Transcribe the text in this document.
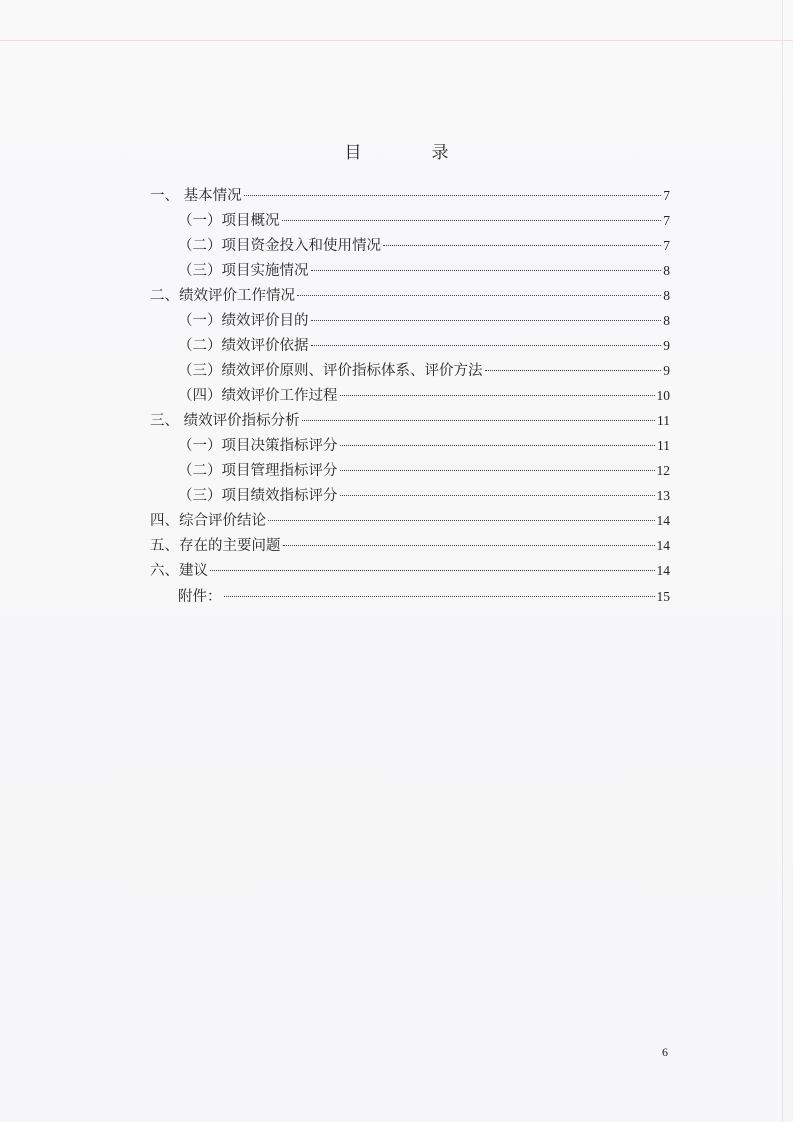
目	录
一、 基本情况	7
（一）项目概况	7
（二）项目资金投入和使用情况	7
（三）项目实施情况	8
二、绩效评价工作情况	8
（一）绩效评价目的	8
（二）绩效评价依据	9
（三）绩效评价原则、评价指标体系、评价方法	9
（四）绩效评价工作过程	10
三、 绩效评价指标分析	11
（一）项目决策指标评分	11
（二）项目管理指标评分	12
（三）项目绩效指标评分	13
四、综合评价结论	14
五、存在的主要问题	14
六、建议	14
附件：	15
6
